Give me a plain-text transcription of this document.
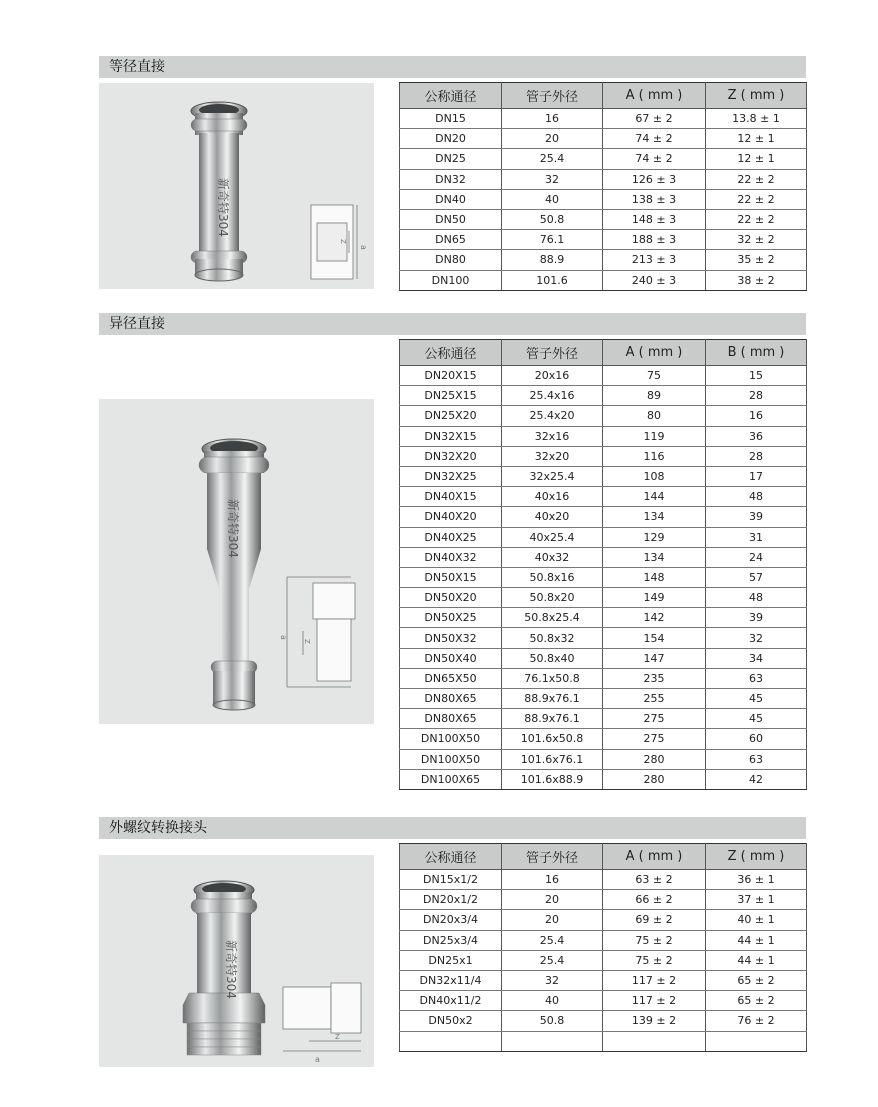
等径直接
新奇特304
a
Z
公称通径	管子外径	A ( mm )	Z ( mm )
DN15	16	67 ± 2	13.8 ± 1
DN20	20	74 ± 2	12 ± 1
DN25	25.4	74 ± 2	12 ± 1
DN32	32	126 ± 3	22 ± 2
DN40	40	138 ± 3	22 ± 2
DN50	50.8	148 ± 3	22 ± 2
DN65	76.1	188 ± 3	32 ± 2
DN80	88.9	213 ± 3	35 ± 2
DN100	101.6	240 ± 3	38 ± 2
异径直接
新奇特304
a
Z
公称通径	管子外径	A ( mm )	B ( mm )
DN20X15	20x16	75	15
DN25X15	25.4x16	89	28
DN25X20	25.4x20	80	16
DN32X15	32x16	119	36
DN32X20	32x20	116	28
DN32X25	32x25.4	108	17
DN40X15	40x16	144	48
DN40X20	40x20	134	39
DN40X25	40x25.4	129	31
DN40X32	40x32	134	24
DN50X15	50.8x16	148	57
DN50X20	50.8x20	149	48
DN50X25	50.8x25.4	142	39
DN50X32	50.8x32	154	32
DN50X40	50.8x40	147	34
DN65X50	76.1x50.8	235	63
DN80X65	88.9x76.1	255	45
DN80X65	88.9x76.1	275	45
DN100X50	101.6x50.8	275	60
DN100X50	101.6x76.1	280	63
DN100X65	101.6x88.9	280	42
外螺纹转换接头
新奇特304
a
Z
公称通径	管子外径	A ( mm )	Z ( mm )
DN15x1/2	16	63 ± 2	36 ± 1
DN20x1/2	20	66 ± 2	37 ± 1
DN20x3/4	20	69 ± 2	40 ± 1
DN25x3/4	25.4	75 ± 2	44 ± 1
DN25x1	25.4	75 ± 2	44 ± 1
DN32x11/4	32	117 ± 2	65 ± 2
DN40x11/2	40	117 ± 2	65 ± 2
DN50x2	50.8	139 ± 2	76 ± 2
